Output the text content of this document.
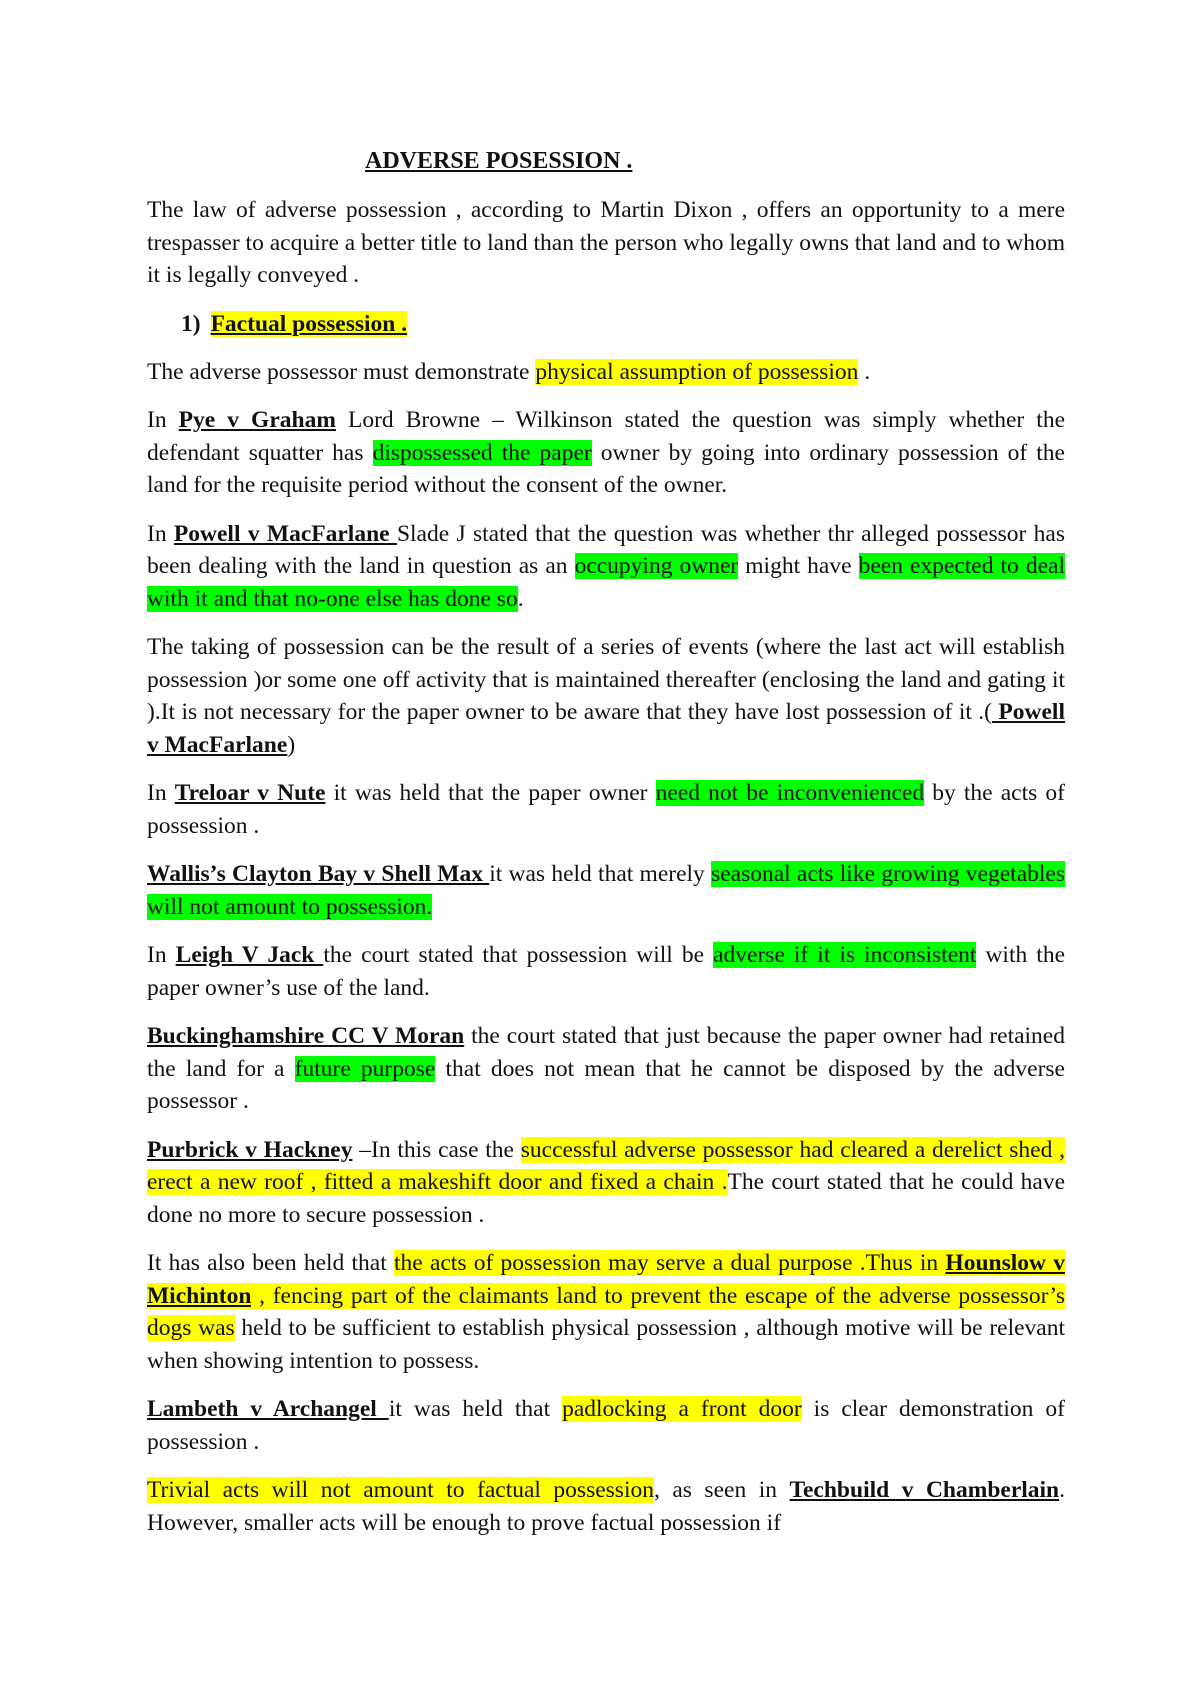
ADVERSE POSESSION .

The law of adverse possession , according to Martin Dixon , offers an opportunity to a mere trespasser to acquire a better title to land than the person who legally owns that land and to whom it is legally conveyed .

1) Factual possession .

The adverse possessor must demonstrate physical assumption of possession .

In Pye v Graham Lord Browne – Wilkinson stated the question was simply whether the defendant squatter has dispossessed the paper owner by going into ordinary possession of the land for the requisite period without the consent of the owner.

In Powell v MacFarlane Slade J stated that the question was whether thr alleged possessor has been dealing with the land in question as an occupying owner might have been expected to deal with it and that no-one else has done so.

The taking of possession can be the result of a series of events (where the last act will establish possession )or some one off activity that is maintained thereafter (enclosing the land and gating it ).It is not necessary for the paper owner to be aware that they have lost possession of it .( Powell v MacFarlane)

In Treloar v Nute it was held that the paper owner need not be inconvenienced by the acts of possession .

Wallis’s Clayton Bay v Shell Max it was held that merely seasonal acts like growing vegetables will not amount to possession.

In Leigh V Jack the court stated that possession will be adverse if it is inconsistent with the paper owner’s use of the land.

Buckinghamshire CC V Moran the court stated that just because the paper owner had retained the land for a future purpose that does not mean that he cannot be disposed by the adverse possessor .

Purbrick v Hackney –In this case the successful adverse possessor had cleared a derelict shed , erect a new roof , fitted a makeshift door and fixed a chain .The court stated that he could have done no more to secure possession .

It has also been held that the acts of possession may serve a dual purpose .Thus in Hounslow v Michinton , fencing part of the claimants land to prevent the escape of the adverse possessor’s dogs was held to be sufficient to establish physical possession , although motive will be relevant when showing intention to possess.

Lambeth v Archangel it was held that padlocking a front door is clear demonstration of possession .

Trivial acts will not amount to factual possession, as seen in Techbuild v Chamberlain. However, smaller acts will be enough to prove factual possession if
